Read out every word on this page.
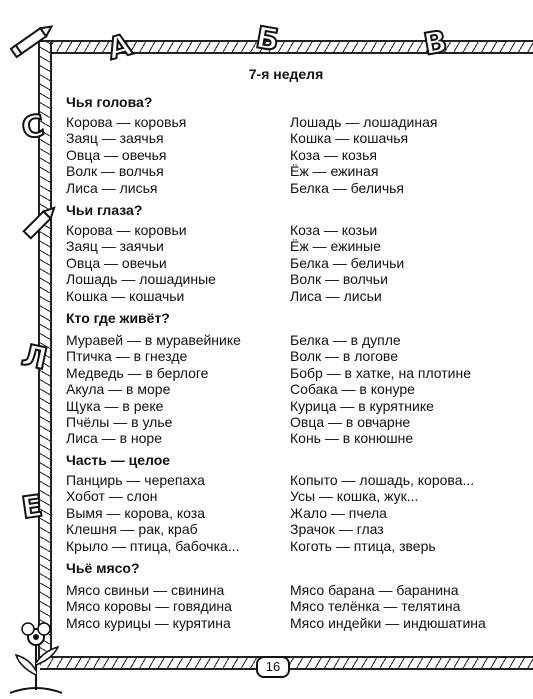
А	Б	В
С
Л
Е
7-я неделя
Чья голова?
Корова — коровья
Заяц — заячья
Овца — овечья
Волк — волчья
Лиса — лисья
Лошадь — лошадиная
Кошка — кошачья
Коза — козья
Ёж — ежиная
Белка — беличья
Чьи глаза?
Корова — коровьи
Заяц — заячьи
Овца — овечьи
Лошадь — лошадиные
Кошка — кошачьи
Коза — козьи
Ёж — ежиные
Белка — беличьи
Волк — волчьи
Лиса — лисьи
Кто где живёт?
Муравей — в муравейнике
Птичка — в гнезде
Медведь — в берлоге
Акула — в море
Щука — в реке
Пчёлы — в улье
Лиса — в норе
Белка — в дупле
Волк — в логове
Бобр — в хатке, на плотине
Собака — в конуре
Курица — в курятнике
Овца — в овчарне
Конь — в конюшне
Часть — целое
Панцирь — черепаха
Хобот — слон
Вымя — корова, коза
Клешня — рак, краб
Крыло — птица, бабочка...
Копыто — лошадь, корова...
Усы — кошка, жук...
Жало — пчела
Зрачок — глаз
Коготь — птица, зверь
Чьё мясо?
Мясо свиньи — свинина
Мясо коровы — говядина
Мясо курицы — курятина
Мясо барана — баранина
Мясо телёнка — телятина
Мясо индейки — индюшатина
16
